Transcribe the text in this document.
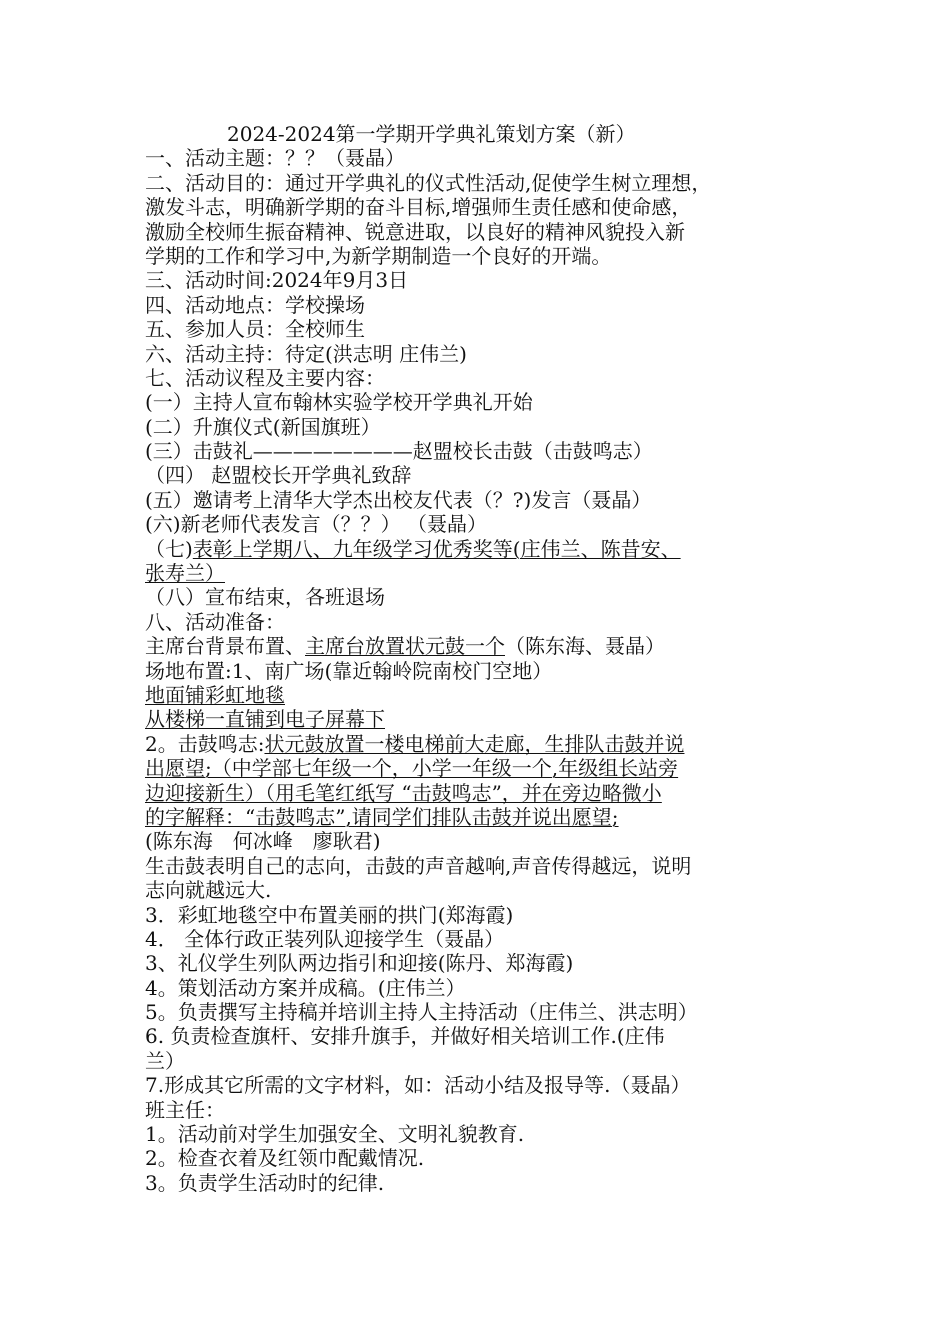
2024-2024第一学期开学典礼策划方案（新）
一、活动主题：？？（聂晶）
二、活动目的：通过开学典礼的仪式性活动,促使学生树立理想，
激发斗志，明确新学期的奋斗目标,增强师生责任感和使命感，
激励全校师生振奋精神、锐意进取，以良好的精神风貌投入新
学期的工作和学习中,为新学期制造一个良好的开端。
三、活动时间:2024年9月3日
四、活动地点：学校操场
五、参加人员：全校师生
六、活动主持：待定(洪志明 庄伟兰)
七、活动议程及主要内容：
(一）主持人宣布翰林实验学校开学典礼开始
(二）升旗仪式(新国旗班）
(三）击鼓礼————————赵盟校长击鼓（击鼓鸣志）
（四） 赵盟校长开学典礼致辞
(五）邀请考上清华大学杰出校友代表（？?)发言（聂晶）
(六)新老师代表发言（？？） （聂晶）
（七)表彰上学期八、九年级学习优秀奖等(庄伟兰、陈昔安、
张寿兰）
（八）宣布结束，各班退场
八、活动准备：
主席台背景布置、主席台放置状元鼓一个（陈东海、聂晶）
场地布置:1、南广场(靠近翰岭院南校门空地）
地面铺彩虹地毯
从楼梯一直铺到电子屏幕下
2。击鼓鸣志:状元鼓放置一楼电梯前大走廊，生排队击鼓并说
出愿望;（中学部七年级一个，小学一年级一个,年级组长站旁
边迎接新生）（用毛笔红纸写 “击鼓鸣志”，并在旁边略微小
的字解释：“击鼓鸣志”,请同学们排队击鼓并说出愿望;
(陈东海　何冰峰　廖耿君)
生击鼓表明自己的志向，击鼓的声音越响,声音传得越远，说明
志向就越远大.
3．彩虹地毯空中布置美丽的拱门(郑海霞)
4． 全体行政正装列队迎接学生（聂晶）
3、礼仪学生列队两边指引和迎接(陈丹、郑海霞)
4。策划活动方案并成稿。(庄伟兰）
5。负责撰写主持稿并培训主持人主持活动（庄伟兰、洪志明）
6. 负责检查旗杆、安排升旗手，并做好相关培训工作.(庄伟
兰）
7.形成其它所需的文字材料，如：活动小结及报导等.（聂晶）
班主任：
1。活动前对学生加强安全、文明礼貌教育.
2。检查衣着及红领巾配戴情况.
3。负责学生活动时的纪律.
